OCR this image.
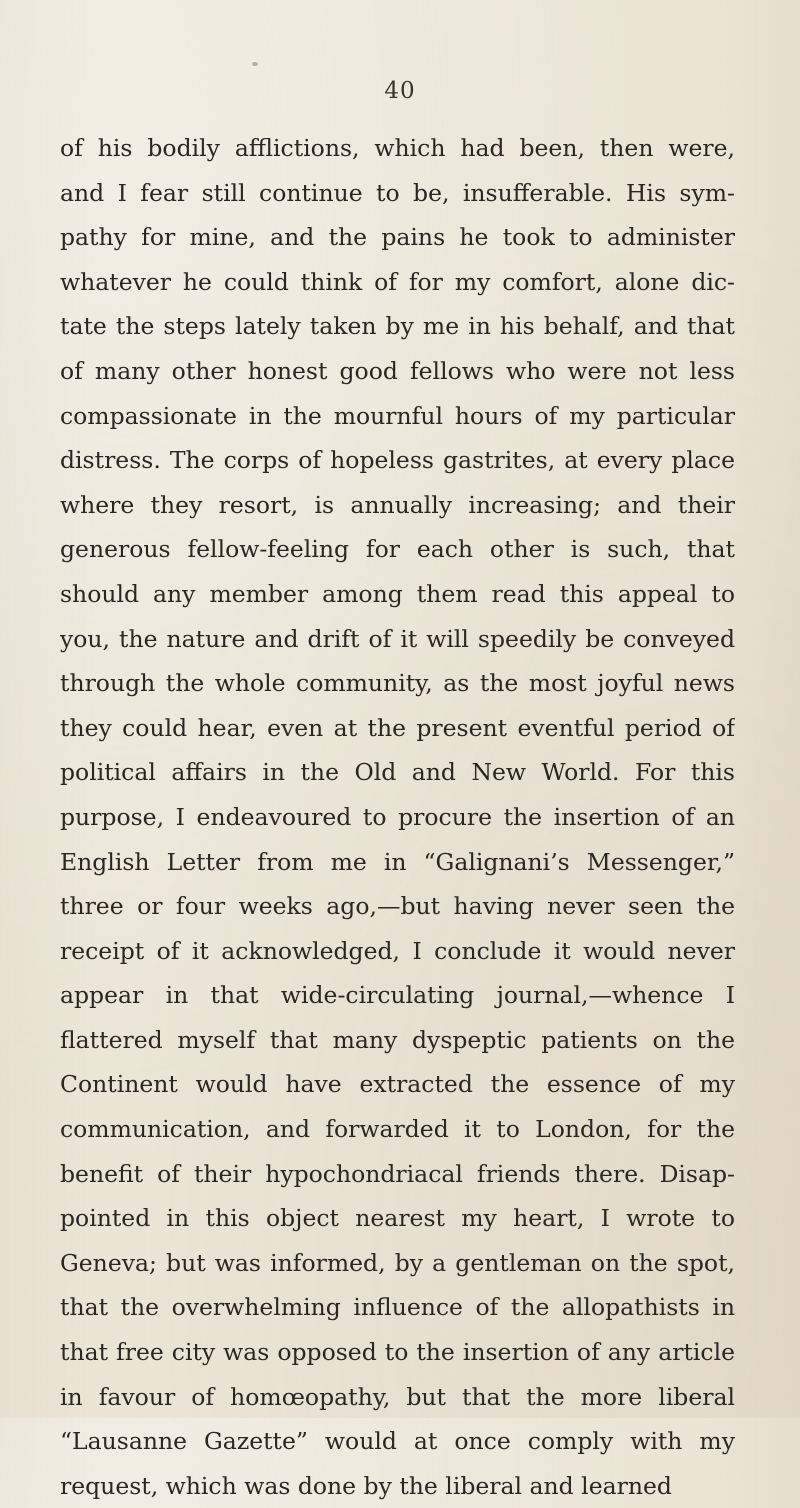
40
of his bodily afflictions, which had been, then were,
and I fear still continue to be, insufferable. His sym-
pathy for mine, and the pains he took to administer
whatever he could think of for my comfort, alone dic-
tate the steps lately taken by me in his behalf, and that
of many other honest good fellows who were not less
compassionate in the mournful hours of my particular
distress. The corps of hopeless gastrites, at every place
where they resort, is annually increasing; and their
generous fellow-feeling for each other is such, that
should any member among them read this appeal to
you, the nature and drift of it will speedily be conveyed
through the whole community, as the most joyful news
they could hear, even at the present eventful period of
political affairs in the Old and New World. For this
purpose, I endeavoured to procure the insertion of an
English Letter from me in “Galignani’s Messenger,”
three or four weeks ago,—but having never seen the
receipt of it acknowledged, I conclude it would never
appear in that wide-circulating journal,—whence I
flattered myself that many dyspeptic patients on the
Continent would have extracted the essence of my
communication, and forwarded it to London, for the
benefit of their hypochondriacal friends there. Disap-
pointed in this object nearest my heart, I wrote to
Geneva; but was informed, by a gentleman on the spot,
that the overwhelming influence of the allopathists in
that free city was opposed to the insertion of any article
in favour of homœopathy, but that the more liberal
“Lausanne Gazette” would at once comply with my
request, which was done by the liberal and learned
